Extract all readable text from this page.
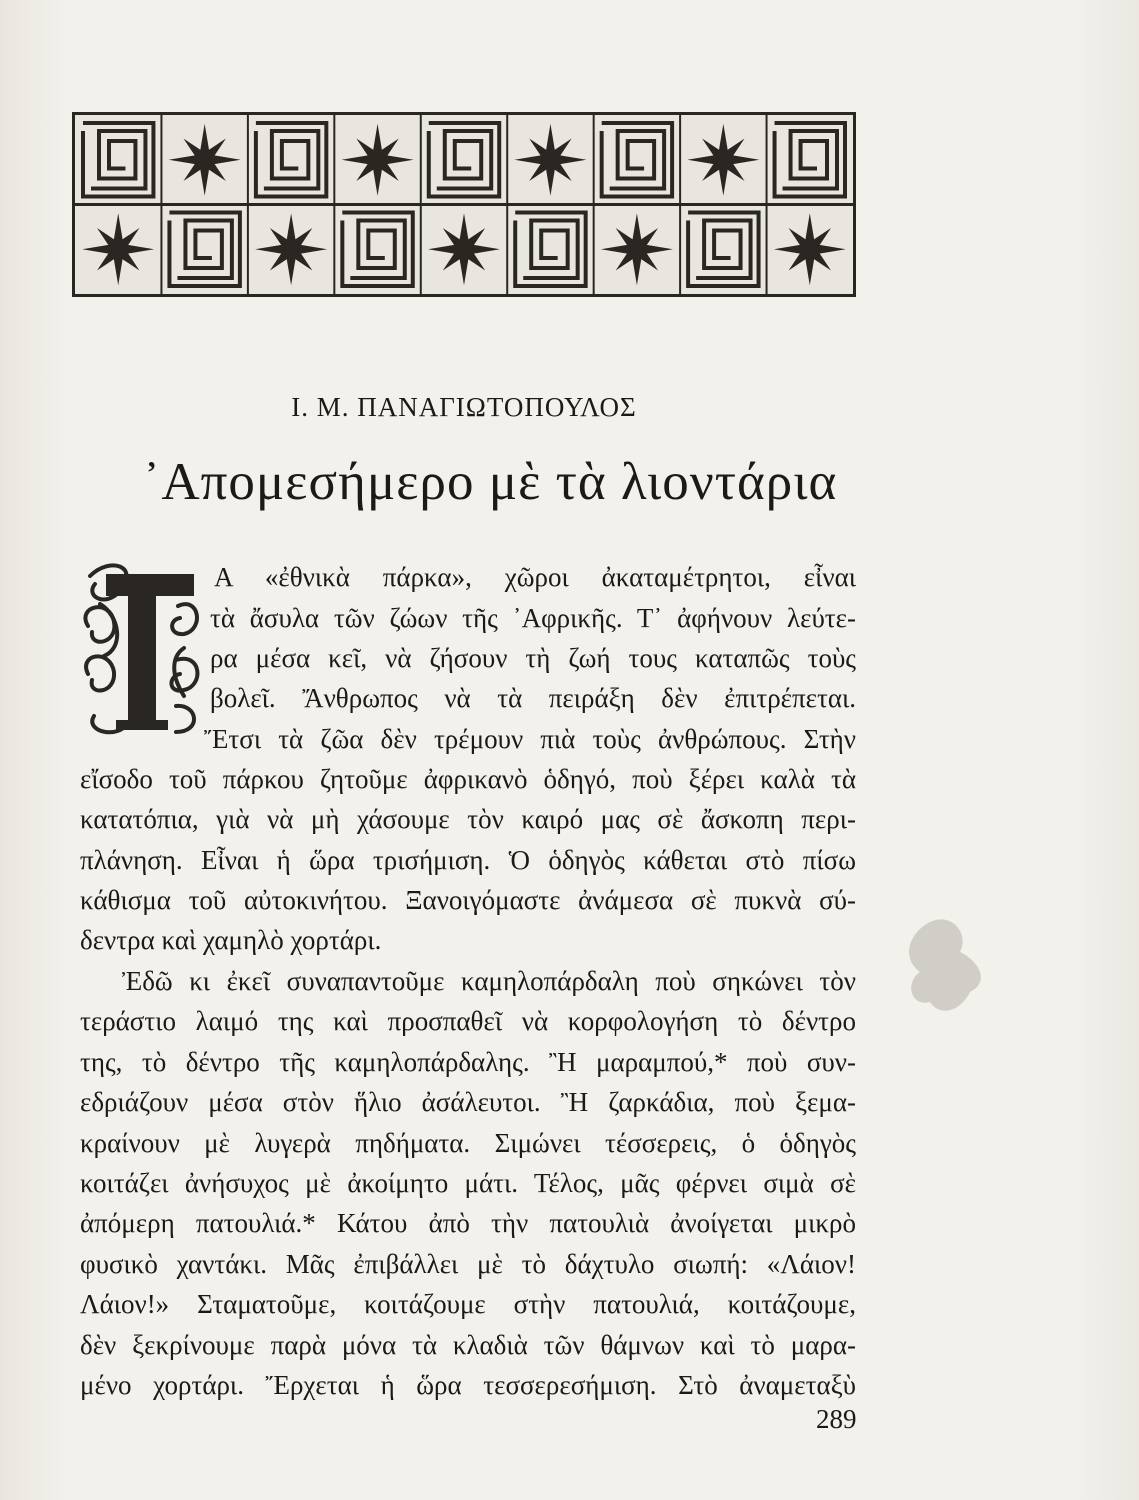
Ι. Μ. ΠΑΝΑΓΙΩΤΟΠΟΥΛΟΣ
᾿Απομεσήμερο μὲ τὰ λιοντάρια
Α «ἐθνικὰ πάρκα», χῶροι ἀκαταμέτρητοι, εἶναι
τὰ ἄσυλα τῶν ζώων τῆς ᾿Αφρικῆς. Τ᾿ ἀφήνουν λεύτε-
ρα μέσα κεῖ, νὰ ζήσουν τὴ ζωή τους καταπῶς τοὺς
βολεῖ. Ἄνθρωπος νὰ τὰ πειράξη δὲν ἐπιτρέπεται.
Ἔτσι τὰ ζῶα δὲν τρέμουν πιὰ τοὺς ἀνθρώπους. Στὴν
εἴσοδο τοῦ πάρκου ζητοῦμε ἀφρικανὸ ὁδηγό, ποὺ ξέρει καλὰ τὰ
κατατόπια, γιὰ νὰ μὴ χάσουμε τὸν καιρό μας σὲ ἄσκοπη περι-
πλάνηση. Εἶναι ἡ ὥρα τρισήμιση. Ὁ ὁδηγὸς κάθεται στὸ πίσω
κάθισμα τοῦ αὐτοκινήτου. Ξανοιγόμαστε ἀνάμεσα σὲ πυκνὰ σύ-
δεντρα καὶ χαμηλὸ χορτάρι.
Ἐδῶ κι ἐκεῖ συναπαντοῦμε καμηλοπάρδαλη ποὺ σηκώνει τὸν
τεράστιο λαιμό της καὶ προσπαθεῖ νὰ κορφολογήση τὸ δέντρο
της, τὸ δέντρο τῆς καμηλοπάρδαλης. Ἢ μαραμπού,* ποὺ συν-
εδριάζουν μέσα στὸν ἥλιο ἀσάλευτοι. Ἢ ζαρκάδια, ποὺ ξεμα-
κραίνουν μὲ λυγερὰ πηδήματα. Σιμώνει τέσσερεις, ὁ ὁδηγὸς
κοιτάζει ἀνήσυχος μὲ ἀκοίμητο μάτι. Τέλος, μᾶς φέρνει σιμὰ σὲ
ἀπόμερη πατουλιά.* Κάτου ἀπὸ τὴν πατουλιὰ ἀνοίγεται μικρὸ
φυσικὸ χαντάκι. Μᾶς ἐπιβάλλει μὲ τὸ δάχτυλο σιωπή: «Λάιον!
Λάιον!» Σταματοῦμε, κοιτάζουμε στὴν πατουλιά, κοιτάζουμε,
δὲν ξεκρίνουμε παρὰ μόνα τὰ κλαδιὰ τῶν θάμνων καὶ τὸ μαρα-
μένο χορτάρι. Ἔρχεται ἡ ὥρα τεσσερεσήμιση. Στὸ ἀναμεταξὺ
289
